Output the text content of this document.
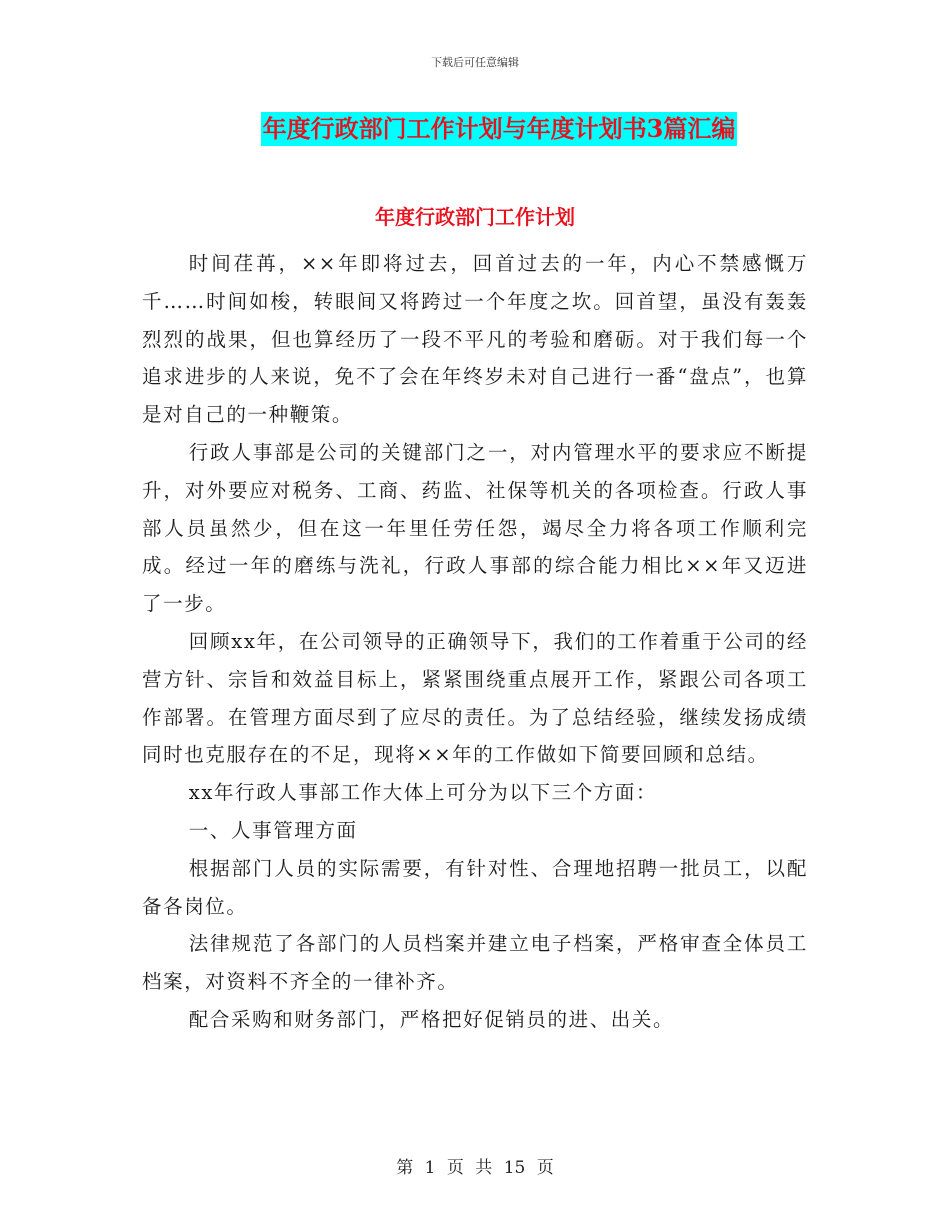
下载后可任意编辑
年度行政部门工作计划与年度计划书3篇汇编
年度行政部门工作计划

时间荏苒，××年即将过去，回首过去的一年，内心不禁感慨万千……时间如梭，转眼间又将跨过一个年度之坎。回首望，虽没有轰轰烈烈的战果，但也算经历了一段不平凡的考验和磨砺。对于我们每一个追求进步的人来说，免不了会在年终岁未对自己进行一番“盘点”，也算是对自己的一种鞭策。

行政人事部是公司的关键部门之一，对内管理水平的要求应不断提升，对外要应对税务、工商、药监、社保等机关的各项检查。行政人事部人员虽然少，但在这一年里任劳任怨，竭尽全力将各项工作顺利完成。经过一年的磨练与洗礼，行政人事部的综合能力相比××年又迈进了一步。

回顾xx年，在公司领导的正确领导下，我们的工作着重于公司的经营方针、宗旨和效益目标上，紧紧围绕重点展开工作，紧跟公司各项工作部署。在管理方面尽到了应尽的责任。为了总结经验，继续发扬成绩同时也克服存在的不足，现将××年的工作做如下简要回顾和总结。

xx年行政人事部工作大体上可分为以下三个方面：

一、人事管理方面

根据部门人员的实际需要，有针对性、合理地招聘一批员工，以配备各岗位。

法律规范了各部门的人员档案并建立电子档案，严格审查全体员工档案，对资料不齐全的一律补齐。

配合采购和财务部门，严格把好促销员的进、出关。

第 1 页 共 15 页
